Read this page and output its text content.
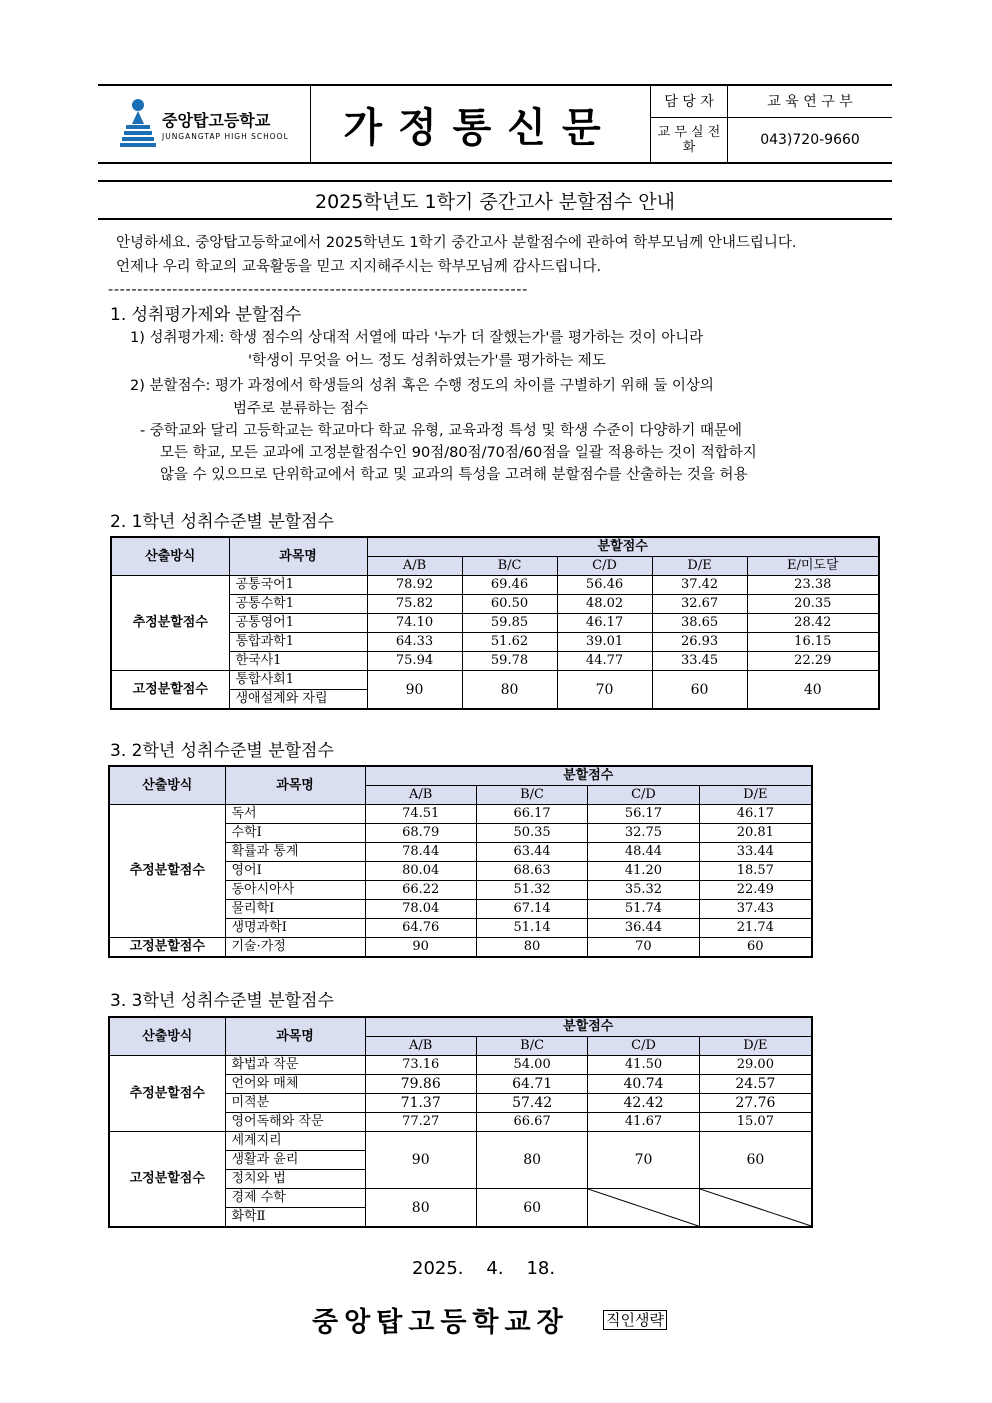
중앙탑고등학교
JUNGANGTAP HIGH SCHOOL	가정통신문
담 당 자	교 육 연 구 부
교 무 실 전 화	043)720-9660
2025학년도 1학기 중간고사 분할점수 안내
안녕하세요. 중앙탑고등학교에서 2025학년도 1학기 중간고사 분할점수에 관하여 학부모님께 안내드립니다.
언제나 우리 학교의 교육활동을 믿고 지지해주시는 학부모님께 감사드립니다.
------------------------------------------------------------------------
1. 성취평가제와 분할점수
1) 성취평가제: 학생 점수의 상대적 서열에 따라 '누가 더 잘했는가'를 평가하는 것이 아니라
'학생이 무엇을 어느 정도 성취하였는가'를 평가하는 제도
2) 분할점수: 평가 과정에서 학생들의 성취 혹은 수행 정도의 차이를 구별하기 위해 둘 이상의
범주로 분류하는 점수
- 중학교와 달리 고등학교는 학교마다 학교 유형, 교육과정 특성 및 학생 수준이 다양하기 때문에
모든 학교, 모든 교과에 고정분할점수인 90점/80점/70점/60점을 일괄 적용하는 것이 적합하지
않을 수 있으므로 단위학교에서 학교 및 교과의 특성을 고려해 분할점수를 산출하는 것을 허용
2. 1학년 성취수준별 분할점수
산출방식	과목명	분할점수				
		A/B	B/C	C/D	D/E	E/미도달
추정분할점수	공통국어1	78.92	69.46	56.46	37.42	23.38
	공통수학1	75.82	60.50	48.02	32.67	20.35
	공통영어1	74.10	59.85	46.17	38.65	28.42
	통합과학1	64.33	51.62	39.01	26.93	16.15
	한국사1	75.94	59.78	44.77	33.45	22.29
고정분할점수	통합사회1	90	80	70	60	40
	생애설계와 자립					
3. 2학년 성취수준별 분할점수
산출방식	과목명	분할점수			
		A/B	B/C	C/D	D/E
추정분할점수	독서	74.51	66.17	56.17	46.17
	수학Ⅰ	68.79	50.35	32.75	20.81
	확률과 통계	78.44	63.44	48.44	33.44
	영어Ⅰ	80.04	68.63	41.20	18.57
	동아시아사	66.22	51.32	35.32	22.49
	물리학Ⅰ	78.04	67.14	51.74	37.43
	생명과학Ⅰ	64.76	51.14	36.44	21.74
고정분할점수	기술·가정	90	80	70	60
3. 3학년 성취수준별 분할점수
산출방식	과목명	분할점수			
		A/B	B/C	C/D	D/E
추정분할점수	화법과 작문	73.16	54.00	41.50	29.00
	언어와 매체	79.86	64.71	40.74	24.57
	미적분	71.37	57.42	42.42	27.76
	영어독해와 작문	77.27	66.67	41.67	15.07
고정분할점수	세계지리	90	80	70	60
	생활과 윤리				
	정치와 법				
	경제 수학	80	60	

	화학Ⅱ				
2025.    4.    18.
중앙탑고등학교장 직인생략
